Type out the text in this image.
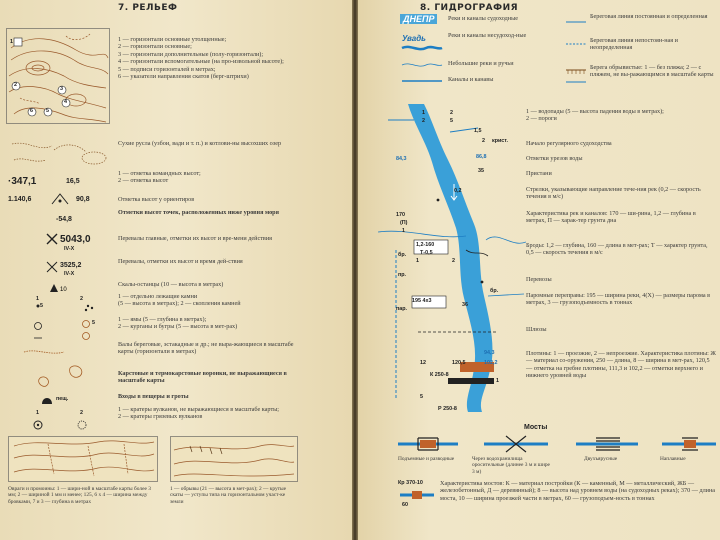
7. РЕЛЬЕФ
1
2
3
4
5
6
1 — горизонтали основные утолщенные;
2 — горизонтали основные;
3 — горизонтали дополнительные (полу-горизонтали);
4 — горизонтали вспомогательные (на про-извольной высоте);
5 — подписи горизонталей в метрах;
6 — указатели направления скатов (берг-штрихи)
Сухие русла (узбои, вади и т. п.) и котлови-ны высохших озер
·347,1	16,5
1 — отметка командных высот;
2 — отметка высот
1.140,6	90,8	Отметка высот у ориентиров
-54,8
Отметки высот точек, расположенных ниже уровня моря
5043,0
IV-X
3525,2
IV-X
Перевалы главные, отметки их высот и вре-мени действия
Перевалы, отметки их высот и время дей-ствия
10
Скалы-останцы (10 — высота в метрах)
1	2
5
5
1 — отдельно лежащие камни
(5 — высота в метрах); 2 — скопления камней
1 — ямы (5 — глубина в метрах);
2 — курганы и бугры (5 — высота в мет-рах)
Валы береговые, эстакадные и др.; не выра-жающиеся в масштабе карты (горизонтали в метрах)
Карстовые и термокарстовые воронки, не выражающиеся в масштабе карты
пещ.	Входы в пещеры и гроты
1	2	1 — кратеры вулканов, не выражающиеся в масштабе карты;
2 — кратеры грязевых вулканов
Овраги и промоины: 1 — шири-ной в масштабе карты более 3 мм; 2 — шириной 1 мм и менее; 125, 6 х 4 — ширина между бровками, 7 и 3 — глубина в метрах
1 — обрывы (21 — высота в мет-рах); 2 — крутые скаты — уступы типа на горизонтальном участ-ке земли
8. ГИДРОГРАФИЯ
ДНЕПР	Реки и каналы судоходные
Увадь	Реки и каналы несудоход-ные
Небольшие реки и ручьи
Каналы и канавы
Береговая линия постоянная и определенная
Береговая линия непостоян-ная и неопределенная
Берега обрывистые: 1 — без пляжа; 2 — с пляжем, не вы-ражающимся в масштабе карты
1
2
2
5
84,3	86,8
35
0,2
170
(П)
1,2-160
Т-0,5
бр.
пр.
195 4х3
пар.
бр.
94,3
120,5	102,2
К 250-8
Р 250-8
12
5
1
1,5
1
2 крист.
36
1	2
1 — водопады (5 — высота падения воды в метрах);
2 — пороги
Начало регулярного судоходства
Отметки урезов воды
Пристани
Стрелки, указывающие направление тече-ния рек (0,2 — скорость течения в м/с)
Характеристика рек и каналов: 170 — ши-рина, 1,2 — глубина в метрах, П — харак-тер грунта дна
Броды: 1,2 — глубина, 160 — длина в мет-рах; Т — характер грунта, 0,5 — скорость течения в м/с
Перевозы
Паромные переправы: 195 — ширина реки, 4(Х) — размеры парома в метрах, 3 — грузоподъемность в тоннах
Шлюзы
Плотины: 1 — проезжие, 2 — непроезжие. Характеристика плотины: Ж — материал со-оружения, 250 — длина, 8 — ширина в мет-рах, 120,5 — отметка на гребне плотины, 111,3 и 102,2 — отметки верхнего и нижнего уровней воды
Мосты
Подъемные и разводные	Через водохранилища оросительные (длинее 3 м и шире 3 м)
Двухъярусные	Наплавные
Кр 370-10
60
Характеристика мостов: К — материал постройки (К — каменный, М — металлический, ЖБ — железобетонный, Д — деревянный); 8 — высота над уровнем воды (на судоходных реках); 370 — длина моста, 10 — ширина проезжей части в метрах, 60 — грузоподъем-ность в тоннах
